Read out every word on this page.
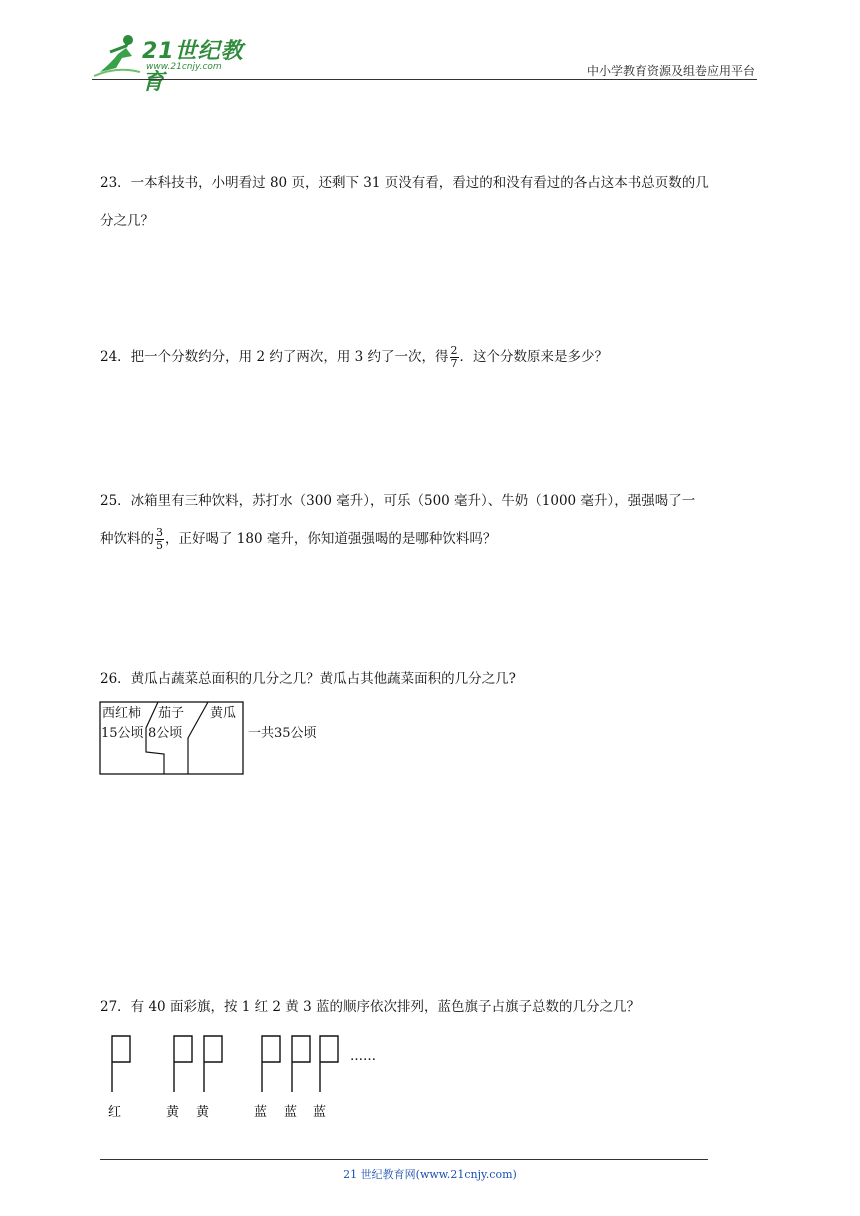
21世纪教育
www.21cnjy.com	中小学教育资源及组卷应用平台
23．一本科技书，小明看过 80 页，还剩下 31 页没有看，看过的和没有看过的各占这本书总页数的几
分之几？
24．把一个分数约分，用 2 约了两次，用 3 约了一次，得 $\frac{2}{7}$ ．这个分数原来是多少？
25．冰箱里有三种饮料，苏打水（300 毫升），可乐（500 毫升）、牛奶（1000 毫升），强强喝了一
种饮料的 $\frac{3}{5}$ ，正好喝了 180 毫升，你知道强强喝的是哪种饮料吗？
26．黄瓜占蔬菜总面积的几分之几？黄瓜占其他蔬菜面积的几分之几?
西红柿
15公顷
茄子
8公顷
黄瓜
一共35公顷
27．有 40 面彩旗，按 1 红 2 黄 3 蓝的顺序依次排列，蓝色旗子占旗子总数的几分之几？
……
红	黄 黄	蓝 蓝 蓝
21 世纪教育网(www.21cnjy.com)
